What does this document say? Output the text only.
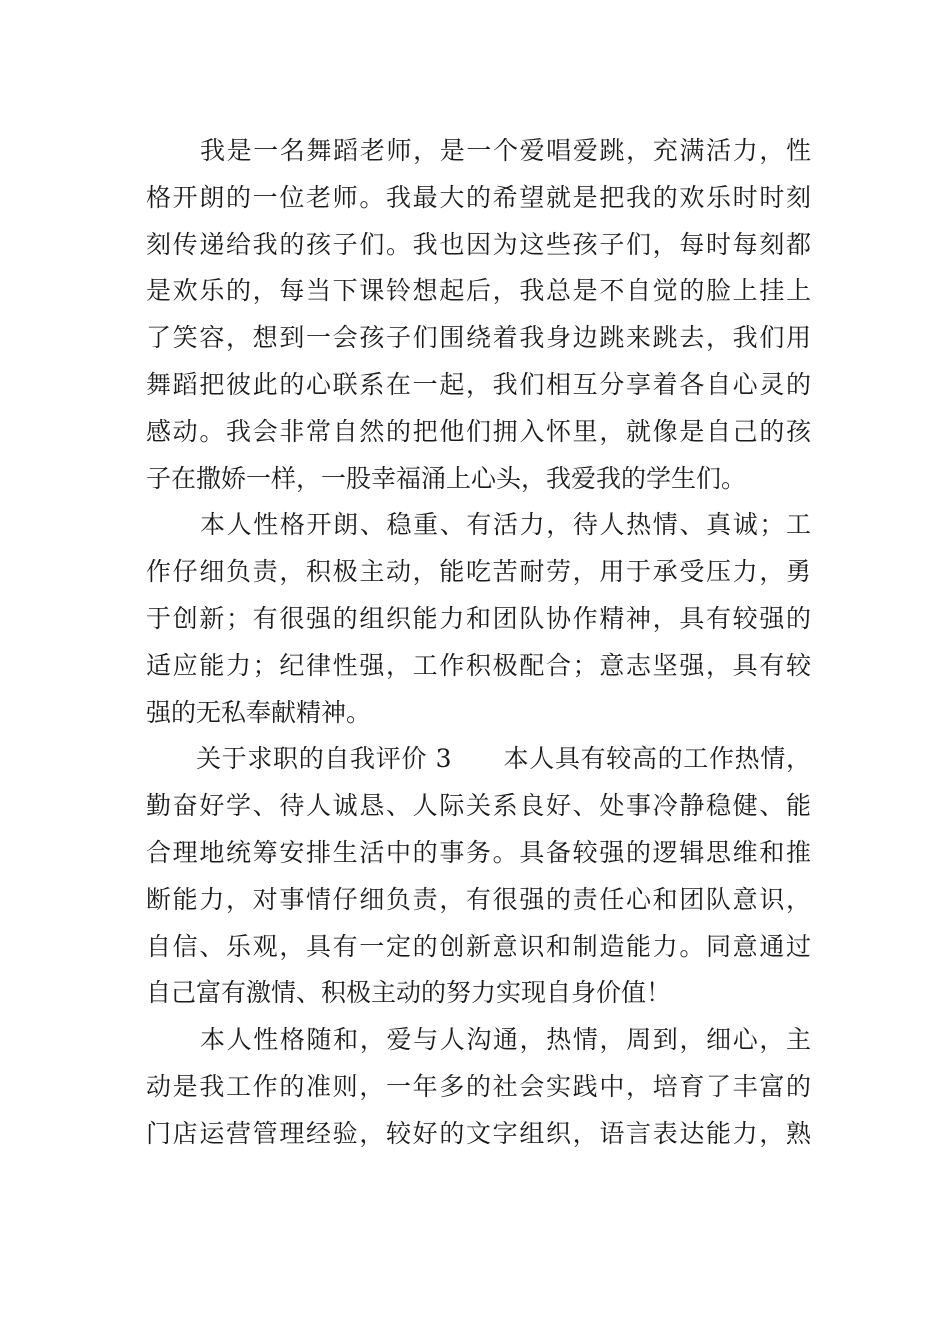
我是一名舞蹈老师，是一个爱唱爱跳，充满活力，性

格开朗的一位老师。我最大的希望就是把我的欢乐时时刻

刻传递给我的孩子们。我也因为这些孩子们，每时每刻都

是欢乐的，每当下课铃想起后，我总是不自觉的脸上挂上

了笑容，想到一会孩子们围绕着我身边跳来跳去，我们用

舞蹈把彼此的心联系在一起，我们相互分享着各自心灵的

感动。我会非常自然的把他们拥入怀里，就像是自己的孩

子在撒娇一样，一股幸福涌上心头，我爱我的学生们。

本人性格开朗、稳重、有活力，待人热情、真诚；工

作仔细负责，积极主动，能吃苦耐劳，用于承受压力，勇

于创新；有很强的组织能力和团队协作精神，具有较强的

适应能力；纪律性强，工作积极配合；意志坚强，具有较

强的无私奉献精神。

关于求职的自我评价 3　　本人具有较高的工作热情，

勤奋好学、待人诚恳、人际关系良好、处事冷静稳健、能

合理地统筹安排生活中的事务。具备较强的逻辑思维和推

断能力，对事情仔细负责，有很强的责任心和团队意识，

自信、乐观，具有一定的创新意识和制造能力。同意通过

自己富有激情、积极主动的努力实现自身价值！

本人性格随和，爱与人沟通，热情，周到，细心，主

动是我工作的准则，一年多的社会实践中，培育了丰富的

门店运营管理经验，较好的文字组织，语言表达能力，熟
